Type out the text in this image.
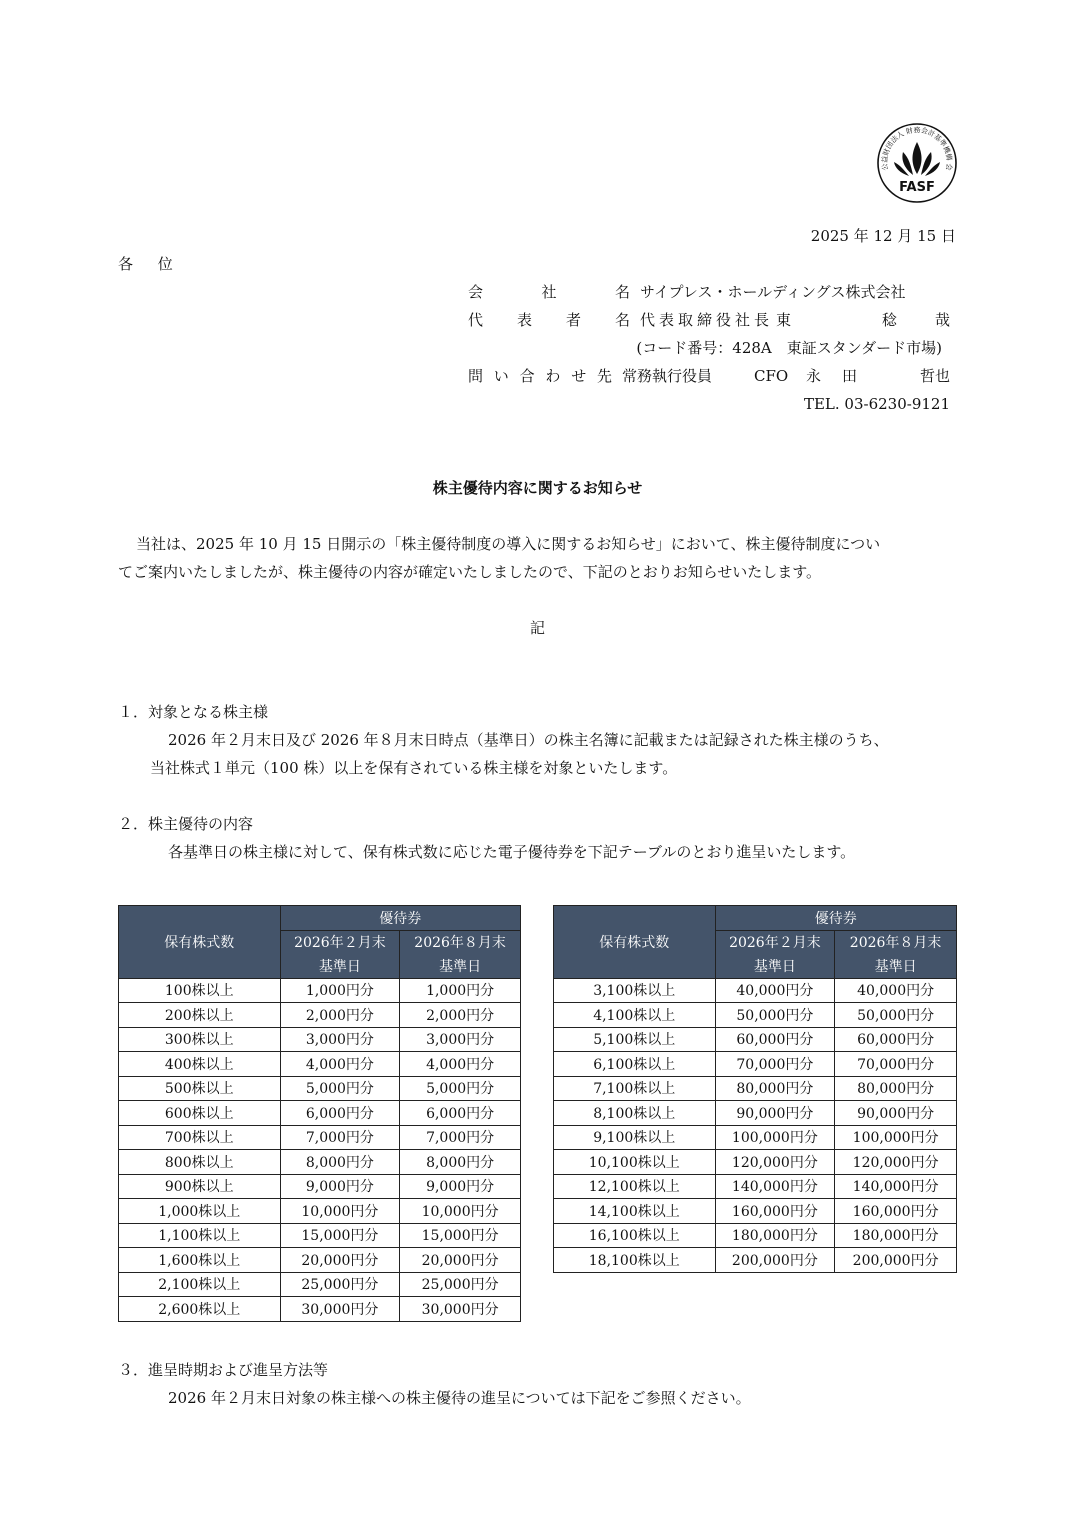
公益財団法人 財務会計基準機構 会
FASF
2025 年 12 月 15 日
各 位
会	社	名 サイプレス・ホールディングス株式会社
代 表 者 名 代表取締役社長 東	稔	哉
(コード番号：428A　東証スタンダード市場)
問 い 合 わ せ 先 常務執行役員	CFO 永 田	哲 也
TEL. 03-6230-9121
株主優待内容に関するお知らせ
当社は、2025 年 10 月 15 日開示の「株主優待制度の導入に関するお知らせ」において、株主優待制度につい
てご案内いたしましたが、株主優待の内容が確定いたしましたので、下記のとおりお知らせいたします。
記
１．対象となる株主様
2026 年２月末日及び 2026 年８月末日時点（基準日）の株主名簿に記載または記録された株主様のうち、
当社株式１単元（100 株）以上を保有されている株主様を対象といたします。
２．株主優待の内容
各基準日の株主様に対して、保有株式数に応じた電子優待券を下記テーブルのとおり進呈いたします。
保有株式数	優待券	
	2026年２月末	2026年８月末
	基準日	基準日
100株以上	1,000円分	1,000円分
200株以上	2,000円分	2,000円分
300株以上	3,000円分	3,000円分
400株以上	4,000円分	4,000円分
500株以上	5,000円分	5,000円分
600株以上	6,000円分	6,000円分
700株以上	7,000円分	7,000円分
800株以上	8,000円分	8,000円分
900株以上	9,000円分	9,000円分
1,000株以上	10,000円分	10,000円分
1,100株以上	15,000円分	15,000円分
1,600株以上	20,000円分	20,000円分
2,100株以上	25,000円分	25,000円分
2,600株以上	30,000円分	30,000円分
保有株式数	優待券	
	2026年２月末	2026年８月末
	基準日	基準日
3,100株以上	40,000円分	40,000円分
4,100株以上	50,000円分	50,000円分
5,100株以上	60,000円分	60,000円分
6,100株以上	70,000円分	70,000円分
7,100株以上	80,000円分	80,000円分
8,100株以上	90,000円分	90,000円分
9,100株以上	100,000円分	100,000円分
10,100株以上	120,000円分	120,000円分
12,100株以上	140,000円分	140,000円分
14,100株以上	160,000円分	160,000円分
16,100株以上	180,000円分	180,000円分
18,100株以上	200,000円分	200,000円分
３．進呈時期および進呈方法等
2026 年２月末日対象の株主様への株主優待の進呈については下記をご参照ください。
